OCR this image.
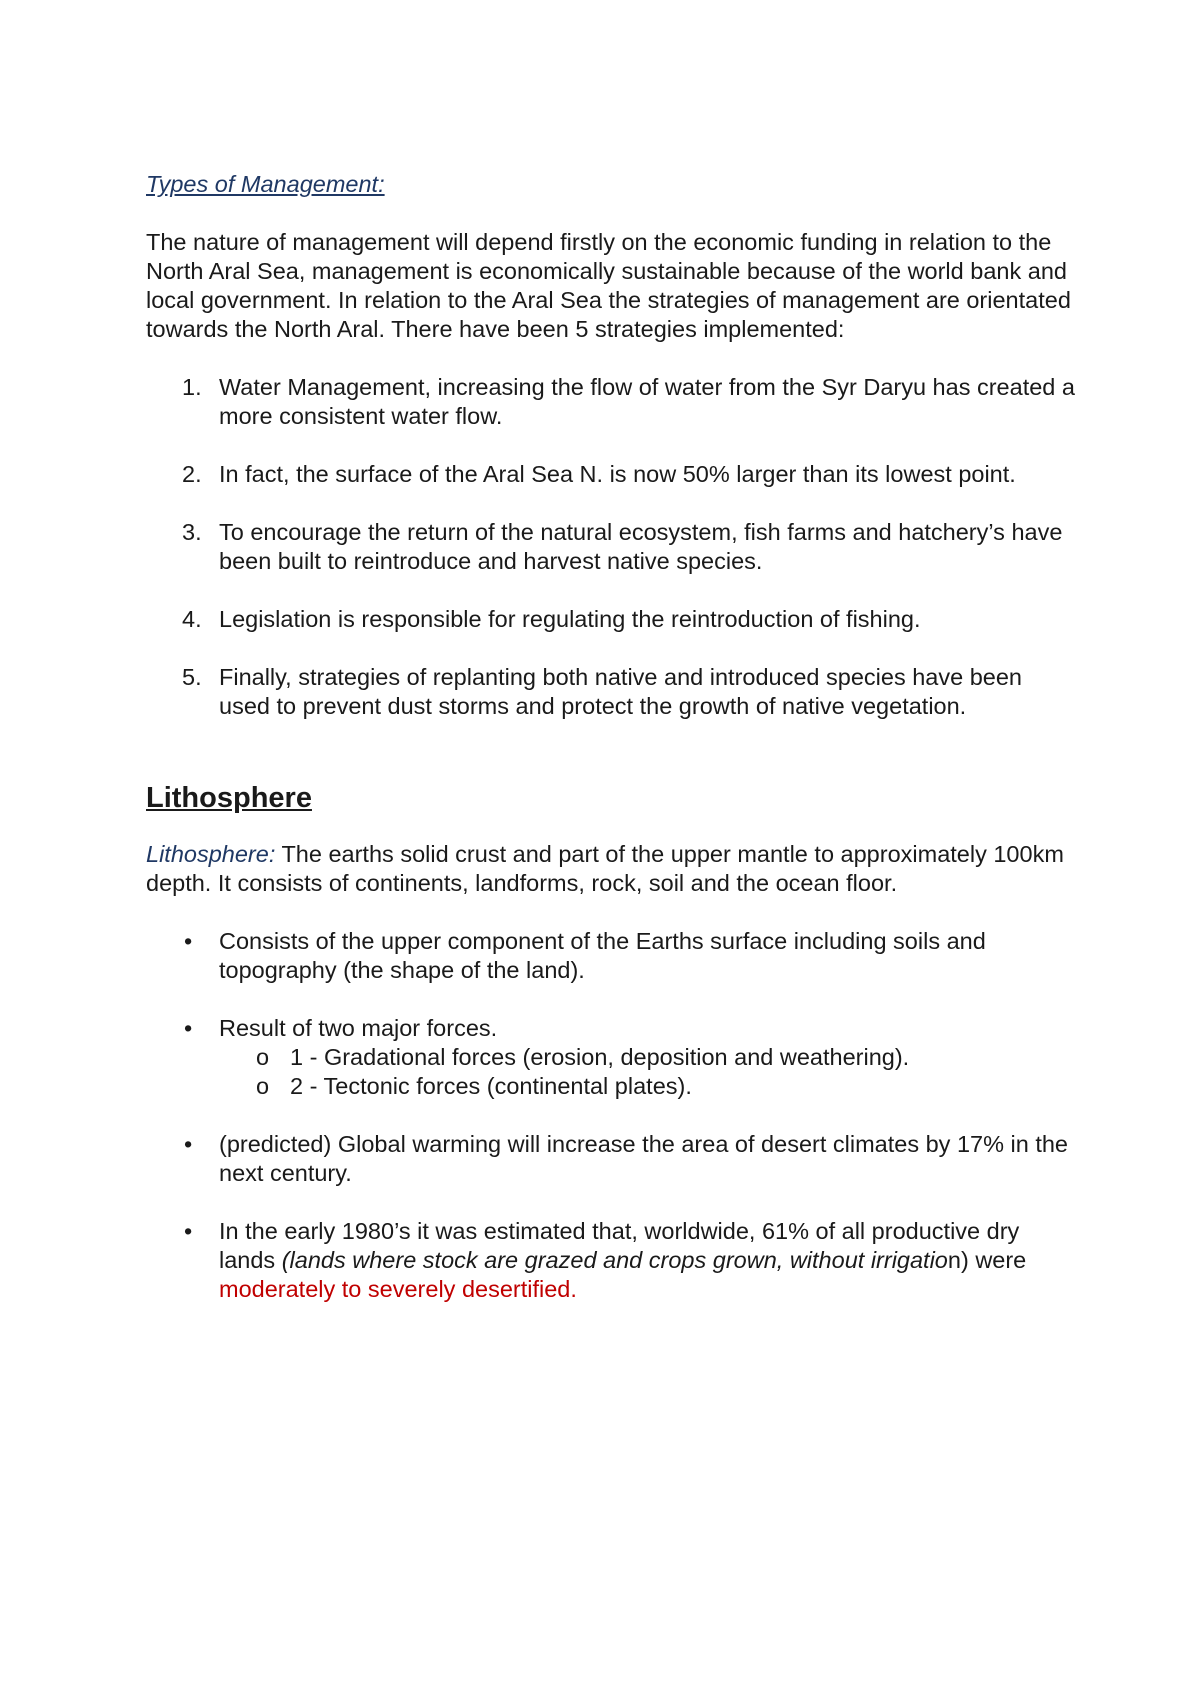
Types of Management:

The nature of management will depend firstly on the economic funding in relation to the North Aral Sea, management is economically sustainable because of the world bank and local government. In relation to the Aral Sea the strategies of management are orientated towards the North Aral. There have been 5 strategies implemented:

1. Water Management, increasing the flow of water from the Syr Daryu has created a more consistent water flow.
2. In fact, the surface of the Aral Sea N. is now 50% larger than its lowest point.
3. To encourage the return of the natural ecosystem, fish farms and hatchery’s have been built to reintroduce and harvest native species.
4. Legislation is responsible for regulating the reintroduction of fishing.
5. Finally, strategies of replanting both native and introduced species have been used to prevent dust storms and protect the growth of native vegetation.
Lithosphere

Lithosphere: The earths solid crust and part of the upper mantle to approximately 100km depth. It consists of continents, landforms, rock, soil and the ocean floor.

• Consists of the upper component of the Earths surface including soils and topography (the shape of the land).
• Result of two major forces.
o 1 - Gradational forces (erosion, deposition and weathering).
o 2 - Tectonic forces (continental plates).
• (predicted) Global warming will increase the area of desert climates by 17% in the next century.
• In the early 1980’s it was estimated that, worldwide, 61% of all productive dry lands (lands where stock are grazed and crops grown, without irrigation) were moderately to severely desertified.
